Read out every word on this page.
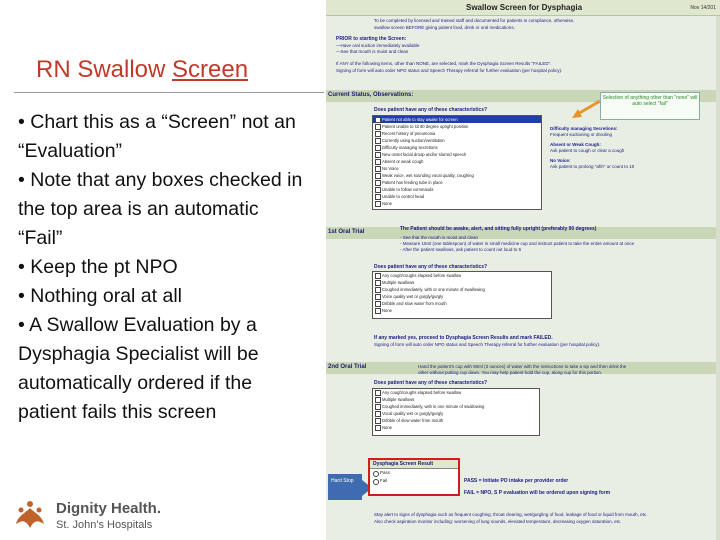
RN Swallow Screen
• Chart this as a “Screen” not an “Evaluation”
• Note that any boxes checked in the top area is an automatic “Fail”
• Keep the pt NPO
• Nothing oral at all
• A Swallow Evaluation by a Dysphagia Specialist will be automatically ordered if the patient fails this screen
Dignity Health.
St. John's Hospitals
Swallow Screen for Dysphagia	Nov 14/201
To be completed by licensed and trained staff and documented for patients in compliance, otherwise,
swallow screen BEFORE giving patient food, drink or oral medications.
PRIOR to starting the Screen:
—Have oral suction immediately available
—See that mouth is moist and clean
If ANY of the following items, other than NONE, are selected, mark the Dysphagia Screen Results "FAILED".
Signing of form will auto order NPO status and Speech Therapy referral for further evaluation (per hospital policy).
Current Status, Observations:
Does patient have any of these characteristics?
Patient not able to stay awake for screen
Patient unable to sit 90 degree upright position
Recent history of pneumonia
Currently using suction/ventilation
Difficulty managing secretions
New onset facial droop and/or slurred speech
Absent or weak cough
No Voice
Weak voice, wet sounding vocal quality, coughing
Patient has feeding tube in place
Unable to follow commands
Unable to control head
None
Selection of anything other than "none" will auto select "fail"
Difficulty managing Secretions:
Frequent suctioning or drooling
Absent or Weak Cough:
Ask patient to cough or clear a cough
No Voice:
Ask patient to prolong "ahh" or count to 10
1st Oral Trial	The Patient should be awake, alert, and sitting fully upright (preferably 90 degrees)
- See that the mouth is moist and clean
- Measure 15ml (one tablespoon) of water in small medicine cup and instruct patient to take the entire amount at once
- After the patient swallows, ask patient to count out loud to 5
Does patient have any of these characteristics?
Any cough/coughs elapsed before swallow
Multiple swallows
Coughed immediately, with or one minute of swallowing
Voice quality wet or gurgly/gurgly
Dribble and slow water from mouth
None
If any marked yes, proceed to Dysphagia Screen Results and mark FAILED.
Signing of form will auto order NPO status and Speech Therapy referral for further evaluation (per hospital policy).
2nd Oral Trial	Hand the patient's cup with 90ml (3 ounces) of water with the instructions to take a sip and then drink the
other without putting cup down. You may help patient hold the cup, along cup for this portion.
Does patient have any of these characteristics?
Any cough/coughs elapsed before swallow
Multiple swallows
Coughed immediately, with in one minute of swallowing
Vocal quality wet or gurgly/gurgly
Dribble of slow water from mouth
None
Hard Stop
Dysphagia Screen Result
Pass
Fail	PASS = Initiate PO intake per provider order
FAIL = NPO, S P evaluation will be ordered upon signing form
Stay alert to signs of dysphagia such as frequent coughing, throat clearing, wet/gurgling of food, leakage of food or liquid from mouth, etc.
Also check aspiration monitor including: worsening of lung sounds, elevated temperature, decreasing oxygen saturation, etc.
